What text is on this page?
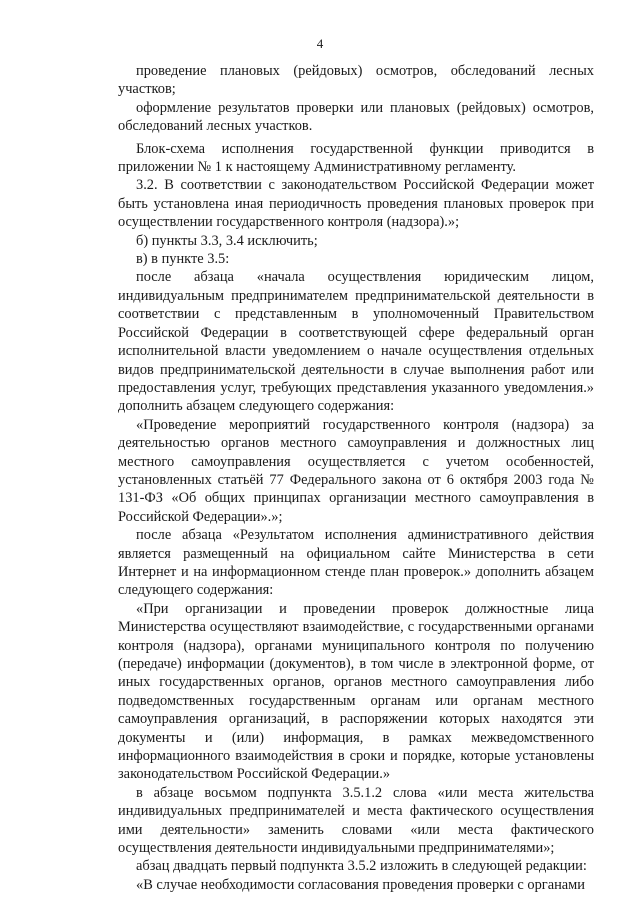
4

проведение плановых (рейдовых) осмотров, обследований лесных участков;

оформление результатов проверки или плановых (рейдовых) осмотров, обследований лесных участков.

Блок-схема исполнения государственной функции приводится в приложении № 1 к настоящему Административному регламенту.

3.2. В соответствии с законодательством Российской Федерации может быть установлена иная периодичность проведения плановых проверок при осуществлении государственного контроля (надзора).»;

б) пункты 3.3, 3.4 исключить;

в) в пункте 3.5:

после абзаца «начала осуществления юридическим лицом, индивидуальным предпринимателем предпринимательской деятельности в соответствии с представленным в уполномоченный Правительством Российской Федерации в соответствующей сфере федеральный орган исполнительной власти уведомлением о начале осуществления отдельных видов предпринимательской деятельности в случае выполнения работ или предоставления услуг, требующих представления указанного уведомления.» дополнить абзацем следующего содержания:

«Проведение мероприятий государственного контроля (надзора) за деятельностью органов местного самоуправления и должностных лиц местного самоуправления осуществляется с учетом особенностей, установленных статьёй 77 Федерального закона от 6 октября 2003 года № 131-ФЗ «Об общих принципах организации местного самоуправления в Российской Федерации».»;

после абзаца «Результатом исполнения административного действия является размещенный на официальном сайте Министерства в сети Интернет и на информационном стенде план проверок.» дополнить абзацем следующего содержания:

«При организации и проведении проверок должностные лица Министерства осуществляют взаимодействие, с государственными органами контроля (надзора), органами муниципального контроля по получению (передаче) информации (документов), в том числе в электронной форме, от иных государственных органов, органов местного самоуправления либо подведомственных государственным органам или органам местного самоуправления организаций, в распоряжении которых находятся эти документы и (или) информация, в рамках межведомственного информационного взаимодействия в сроки и порядке, которые установлены законодательством Российской Федерации.»

в абзаце восьмом подпункта 3.5.1.2 слова «или места жительства индивидуальных предпринимателей и места фактического осуществления ими деятельности» заменить словами «или места фактического осуществления деятельности индивидуальными предпринимателями»;

абзац двадцать первый подпункта 3.5.2 изложить в следующей редакции:

«В случае необходимости согласования проведения проверки с органами
